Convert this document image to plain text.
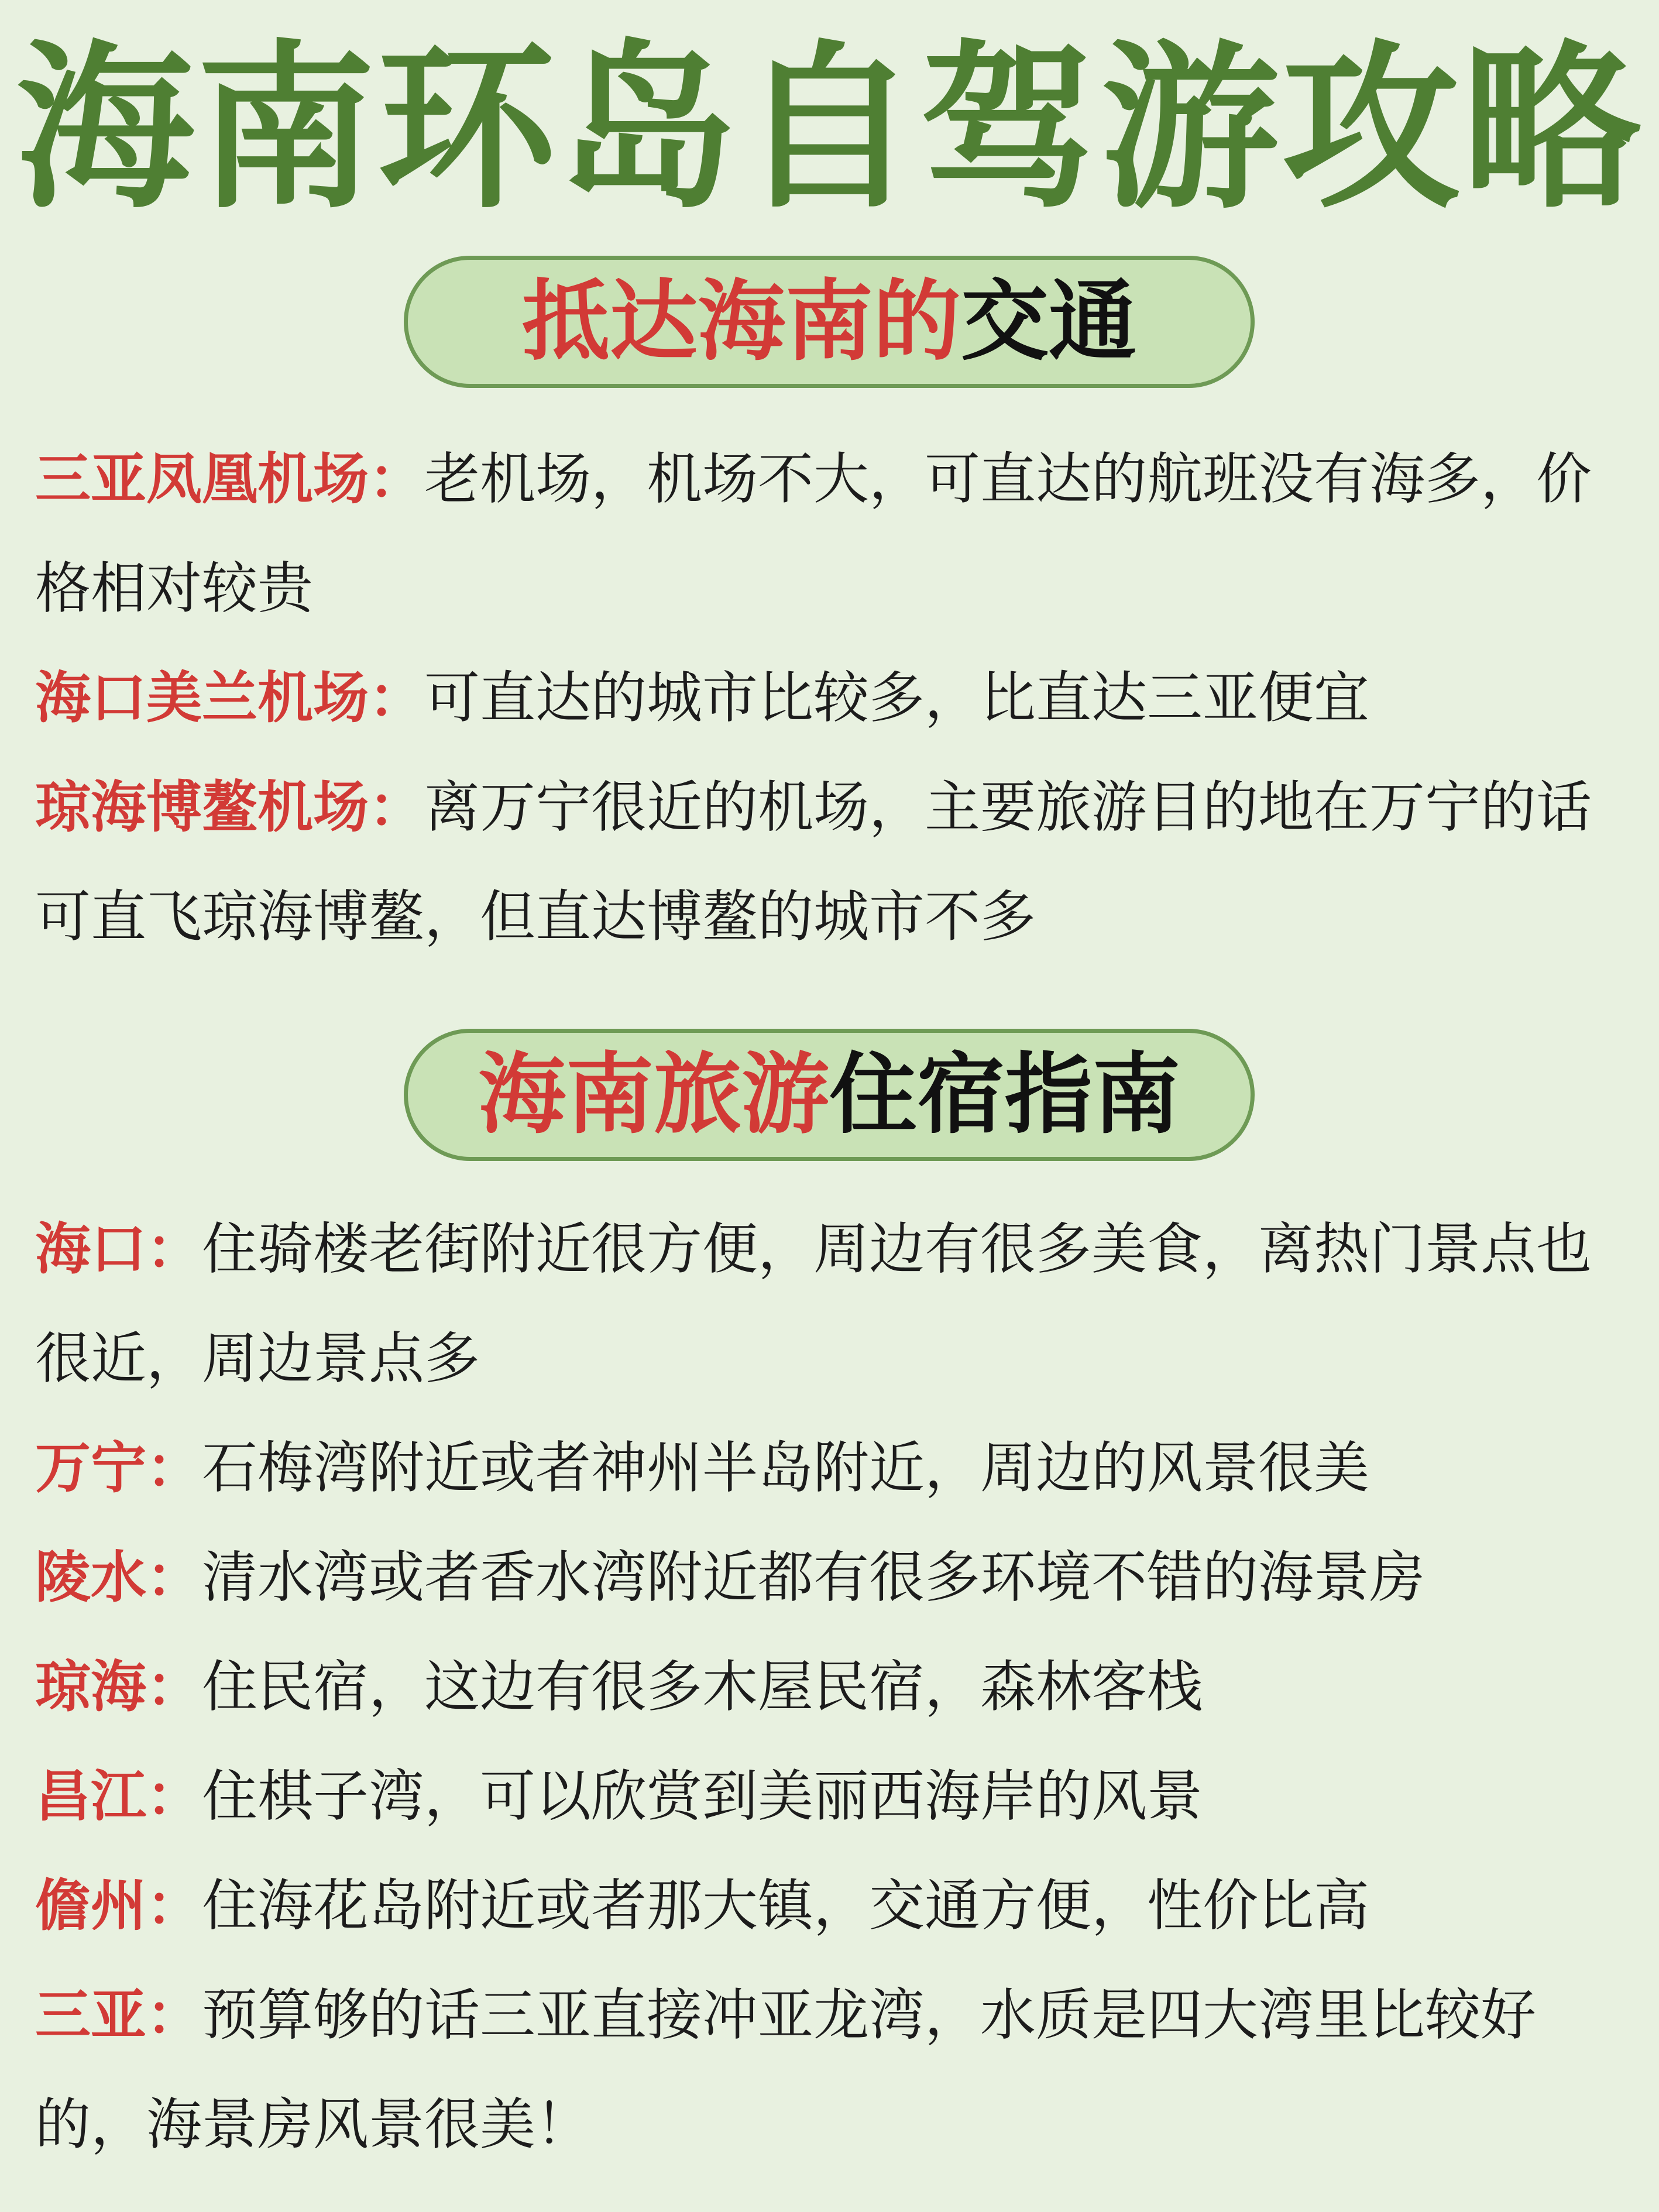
海南环岛自驾游攻略
抵达海南的交通

三亚凤凰机场：老机场，机场不大，可直达的航班没有海多，价格相对较贵

海口美兰机场：可直达的城市比较多，比直达三亚便宜

琼海博鳌机场：离万宁很近的机场，主要旅游目的地在万宁的话可直飞琼海博鳌，但直达博鳌的城市不多

海南旅游住宿指南

海口：住骑楼老街附近很方便，周边有很多美食，离热门景点也很近，周边景点多

万宁：石梅湾附近或者神州半岛附近，周边的风景很美

陵水：清水湾或者香水湾附近都有很多环境不错的海景房

琼海：住民宿，这边有很多木屋民宿，森林客栈

昌江：住棋子湾，可以欣赏到美丽西海岸的风景

儋州：住海花岛附近或者那大镇，交通方便，性价比高

三亚：预算够的话三亚直接冲亚龙湾，水质是四大湾里比较好的，海景房风景很美！
